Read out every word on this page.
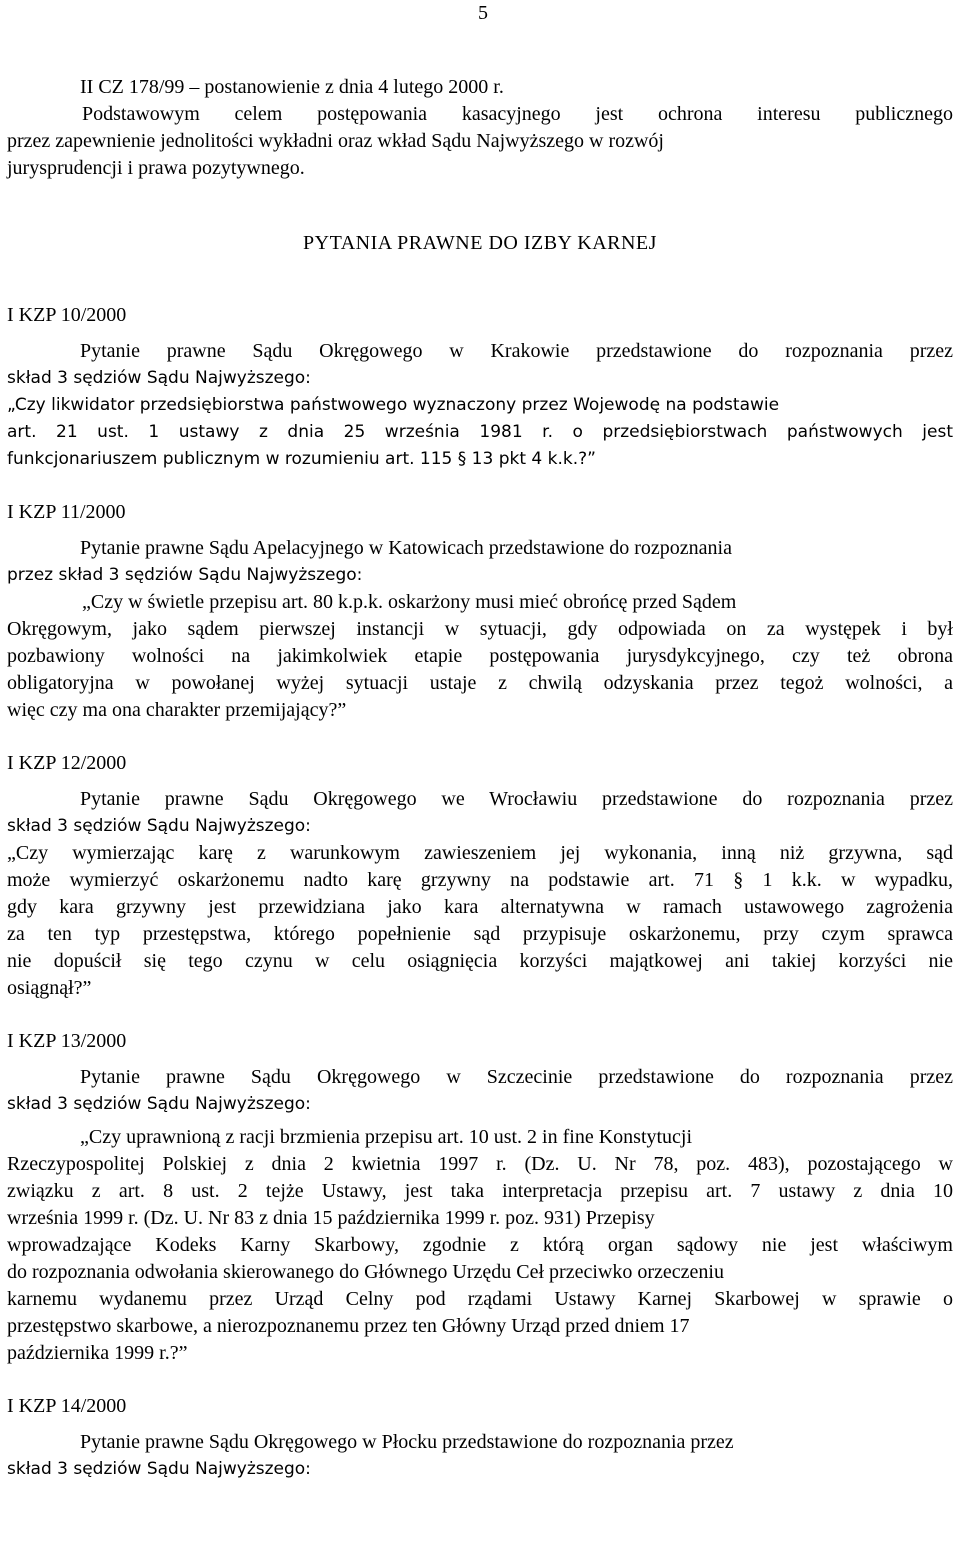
5
II CZ 178/99 – postanowienie z dnia 4 lutego 2000 r.
Podstawowym celem postępowania kasacyjnego jest ochrona interesu publicznego
przez zapewnienie jednolitości wykładni oraz wkład Sądu Najwyższego w rozwój
jurysprudencji i prawa pozytywnego.
PYTANIA PRAWNE DO IZBY KARNEJ
I KZP 10/2000
Pytanie prawne Sądu Okręgowego w Krakowie przedstawione do rozpoznania przez
skład 3 sędziów Sądu Najwyższego:
„Czy likwidator przedsiębiorstwa państwowego wyznaczony przez Wojewodę na podstawie
art. 21 ust. 1 ustawy z dnia 25 września 1981 r. o przedsiębiorstwach państwowych jest
funkcjonariuszem publicznym w rozumieniu art. 115 § 13 pkt 4 k.k.?”
I KZP 11/2000
Pytanie prawne Sądu Apelacyjnego w Katowicach przedstawione do rozpoznania
przez skład 3 sędziów Sądu Najwyższego:
„Czy w świetle przepisu art. 80 k.p.k. oskarżony musi mieć obrońcę przed Sądem
Okręgowym, jako sądem pierwszej instancji w sytuacji, gdy odpowiada on za występek i był
pozbawiony wolności na jakimkolwiek etapie postępowania jurysdykcyjnego, czy też obrona
obligatoryjna w powołanej wyżej sytuacji ustaje z chwilą odzyskania przez tegoż wolności, a
więc czy ma ona charakter przemijający?”
I KZP 12/2000
Pytanie prawne Sądu Okręgowego we Wrocławiu przedstawione do rozpoznania przez
skład 3 sędziów Sądu Najwyższego:
„Czy wymierzając karę z warunkowym zawieszeniem jej wykonania, inną niż grzywna, sąd
może wymierzyć oskarżonemu nadto karę grzywny na podstawie art. 71 § 1 k.k. w wypadku,
gdy kara grzywny jest przewidziana jako kara alternatywna w ramach ustawowego zagrożenia
za ten typ przestępstwa, którego popełnienie sąd przypisuje oskarżonemu, przy czym sprawca
nie dopuścił się tego czynu w celu osiągnięcia korzyści majątkowej ani takiej korzyści nie
osiągnął?”
I KZP 13/2000
Pytanie prawne Sądu Okręgowego w Szczecinie przedstawione do rozpoznania przez
skład 3 sędziów Sądu Najwyższego:
„Czy uprawnioną z racji brzmienia przepisu art. 10 ust. 2 in fine Konstytucji
Rzeczypospolitej Polskiej z dnia 2 kwietnia 1997 r. (Dz. U. Nr 78, poz. 483), pozostającego w
związku z art. 8 ust. 2 tejże Ustawy, jest taka interpretacja przepisu art. 7 ustawy z dnia 10
września 1999 r. (Dz. U. Nr 83 z dnia 15 października 1999 r. poz. 931) Przepisy
wprowadzające Kodeks Karny Skarbowy, zgodnie z którą organ sądowy nie jest właściwym
do rozpoznania odwołania skierowanego do Głównego Urzędu Ceł przeciwko orzeczeniu
karnemu wydanemu przez Urząd Celny pod rządami Ustawy Karnej Skarbowej w sprawie o
przestępstwo skarbowe, a nierozpoznanemu przez ten Główny Urząd przed dniem 17
października 1999 r.?”
I KZP 14/2000
Pytanie prawne Sądu Okręgowego w Płocku przedstawione do rozpoznania przez
skład 3 sędziów Sądu Najwyższego:
